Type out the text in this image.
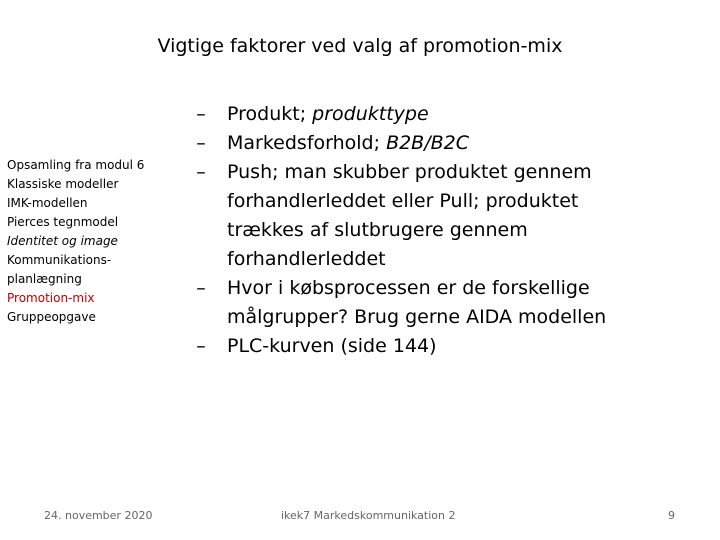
Vigtige faktorer ved valg af promotion-mix
Opsamling fra modul 6
Klassiske modeller
IMK-modellen
Pierces tegnmodel
Identitet og image
Kommunikations-
planlægning
Promotion-mix
Gruppeopgave
–	Produkt; produkttype
–	Markedsforhold; B2B/B2C
–	Push; man skubber produktet gennem
forhandlerleddet eller Pull; produktet
trækkes af slutbrugere gennem
forhandlerleddet
–	Hvor i købsprocessen er de forskellige
målgrupper? Brug gerne AIDA modellen
–	PLC-kurven (side 144)
24. november 2020	ikek7 Markedskommunikation 2	9
